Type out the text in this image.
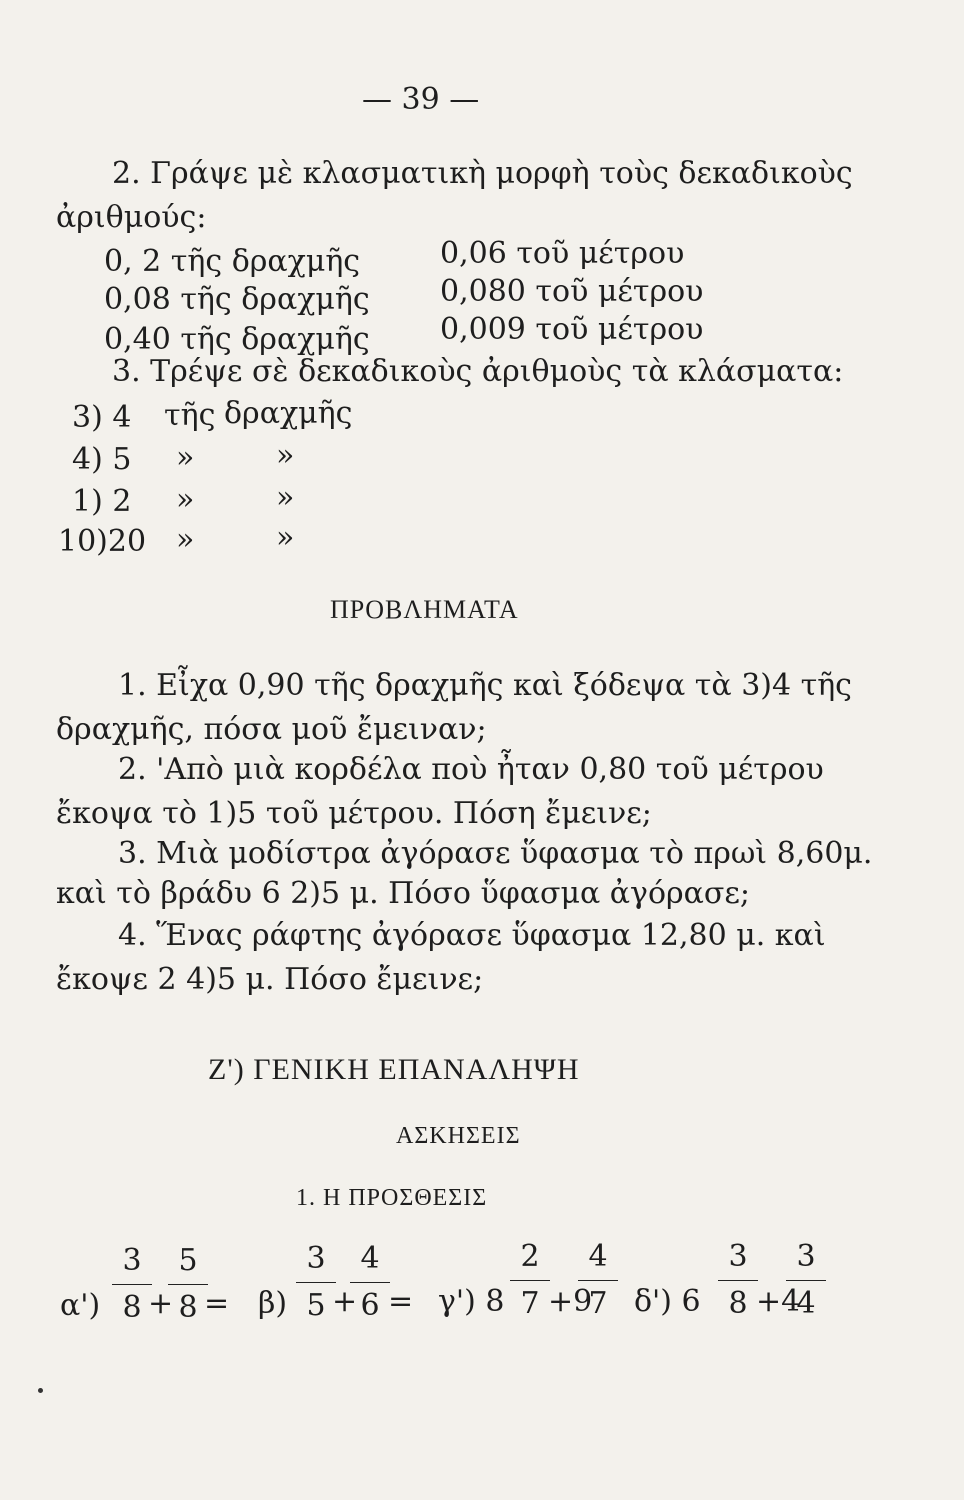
— 39 —
2. Γράψε μὲ κλασματικὴ μορφὴ τοὺς δεκαδικοὺς
ἀριθμούς:
0, 2 τῆς δραχμῆς	0,06 τοῦ μέτρου
0,08 τῆς δραχμῆς 0,080 τοῦ μέτρου
0,40 τῆς δραχμῆς 0,009 τοῦ μέτρου
3. Τρέψε σὲ δεκαδικοὺς ἀριθμοὺς τὰ κλάσματα:
3) 4 τῆς δραχμῆς
4) 5 »	»
1) 2 »	»
10)20 »	»
ΠΡΟΒΛΗΜΑΤΑ
1. Εἶχα 0,90 τῆς δραχμῆς καὶ ξόδεψα τὰ 3)4 τῆς
δραχμῆς, πόσα μοῦ ἔμειναν;
2. 'Απὸ μιὰ κορδέλα ποὺ ἦταν 0,80 τοῦ μέτρου
ἔκοψα τὸ 1)5 τοῦ μέτρου. Πόση ἔμεινε;
3. Μιὰ μοδίστρα ἀγόρασε ὕφασμα τὸ πρωὶ 8,60μ.
καὶ τὸ βράδυ 6 2)5 μ. Πόσο ὕφασμα ἀγόρασε;
4. Ἕνας ράφτης ἀγόρασε ὕφασμα 12,80 μ. καὶ
ἔκοψε 2 4)5 μ. Πόσο ἔμεινε;
Ζ') ΓΕΝΙΚΗ ΕΠΑΝΑΛΗΨΗ
ΑΣΚΗΣΕΙΣ
1. Η ΠΡΟΣΘΕΣΙΣ
α')
3
8 +
5
8 = β)
3
5 +
4
6 = γ') 8
2
7 +9
4
7 δ') 6
3
8 +4
3
4
